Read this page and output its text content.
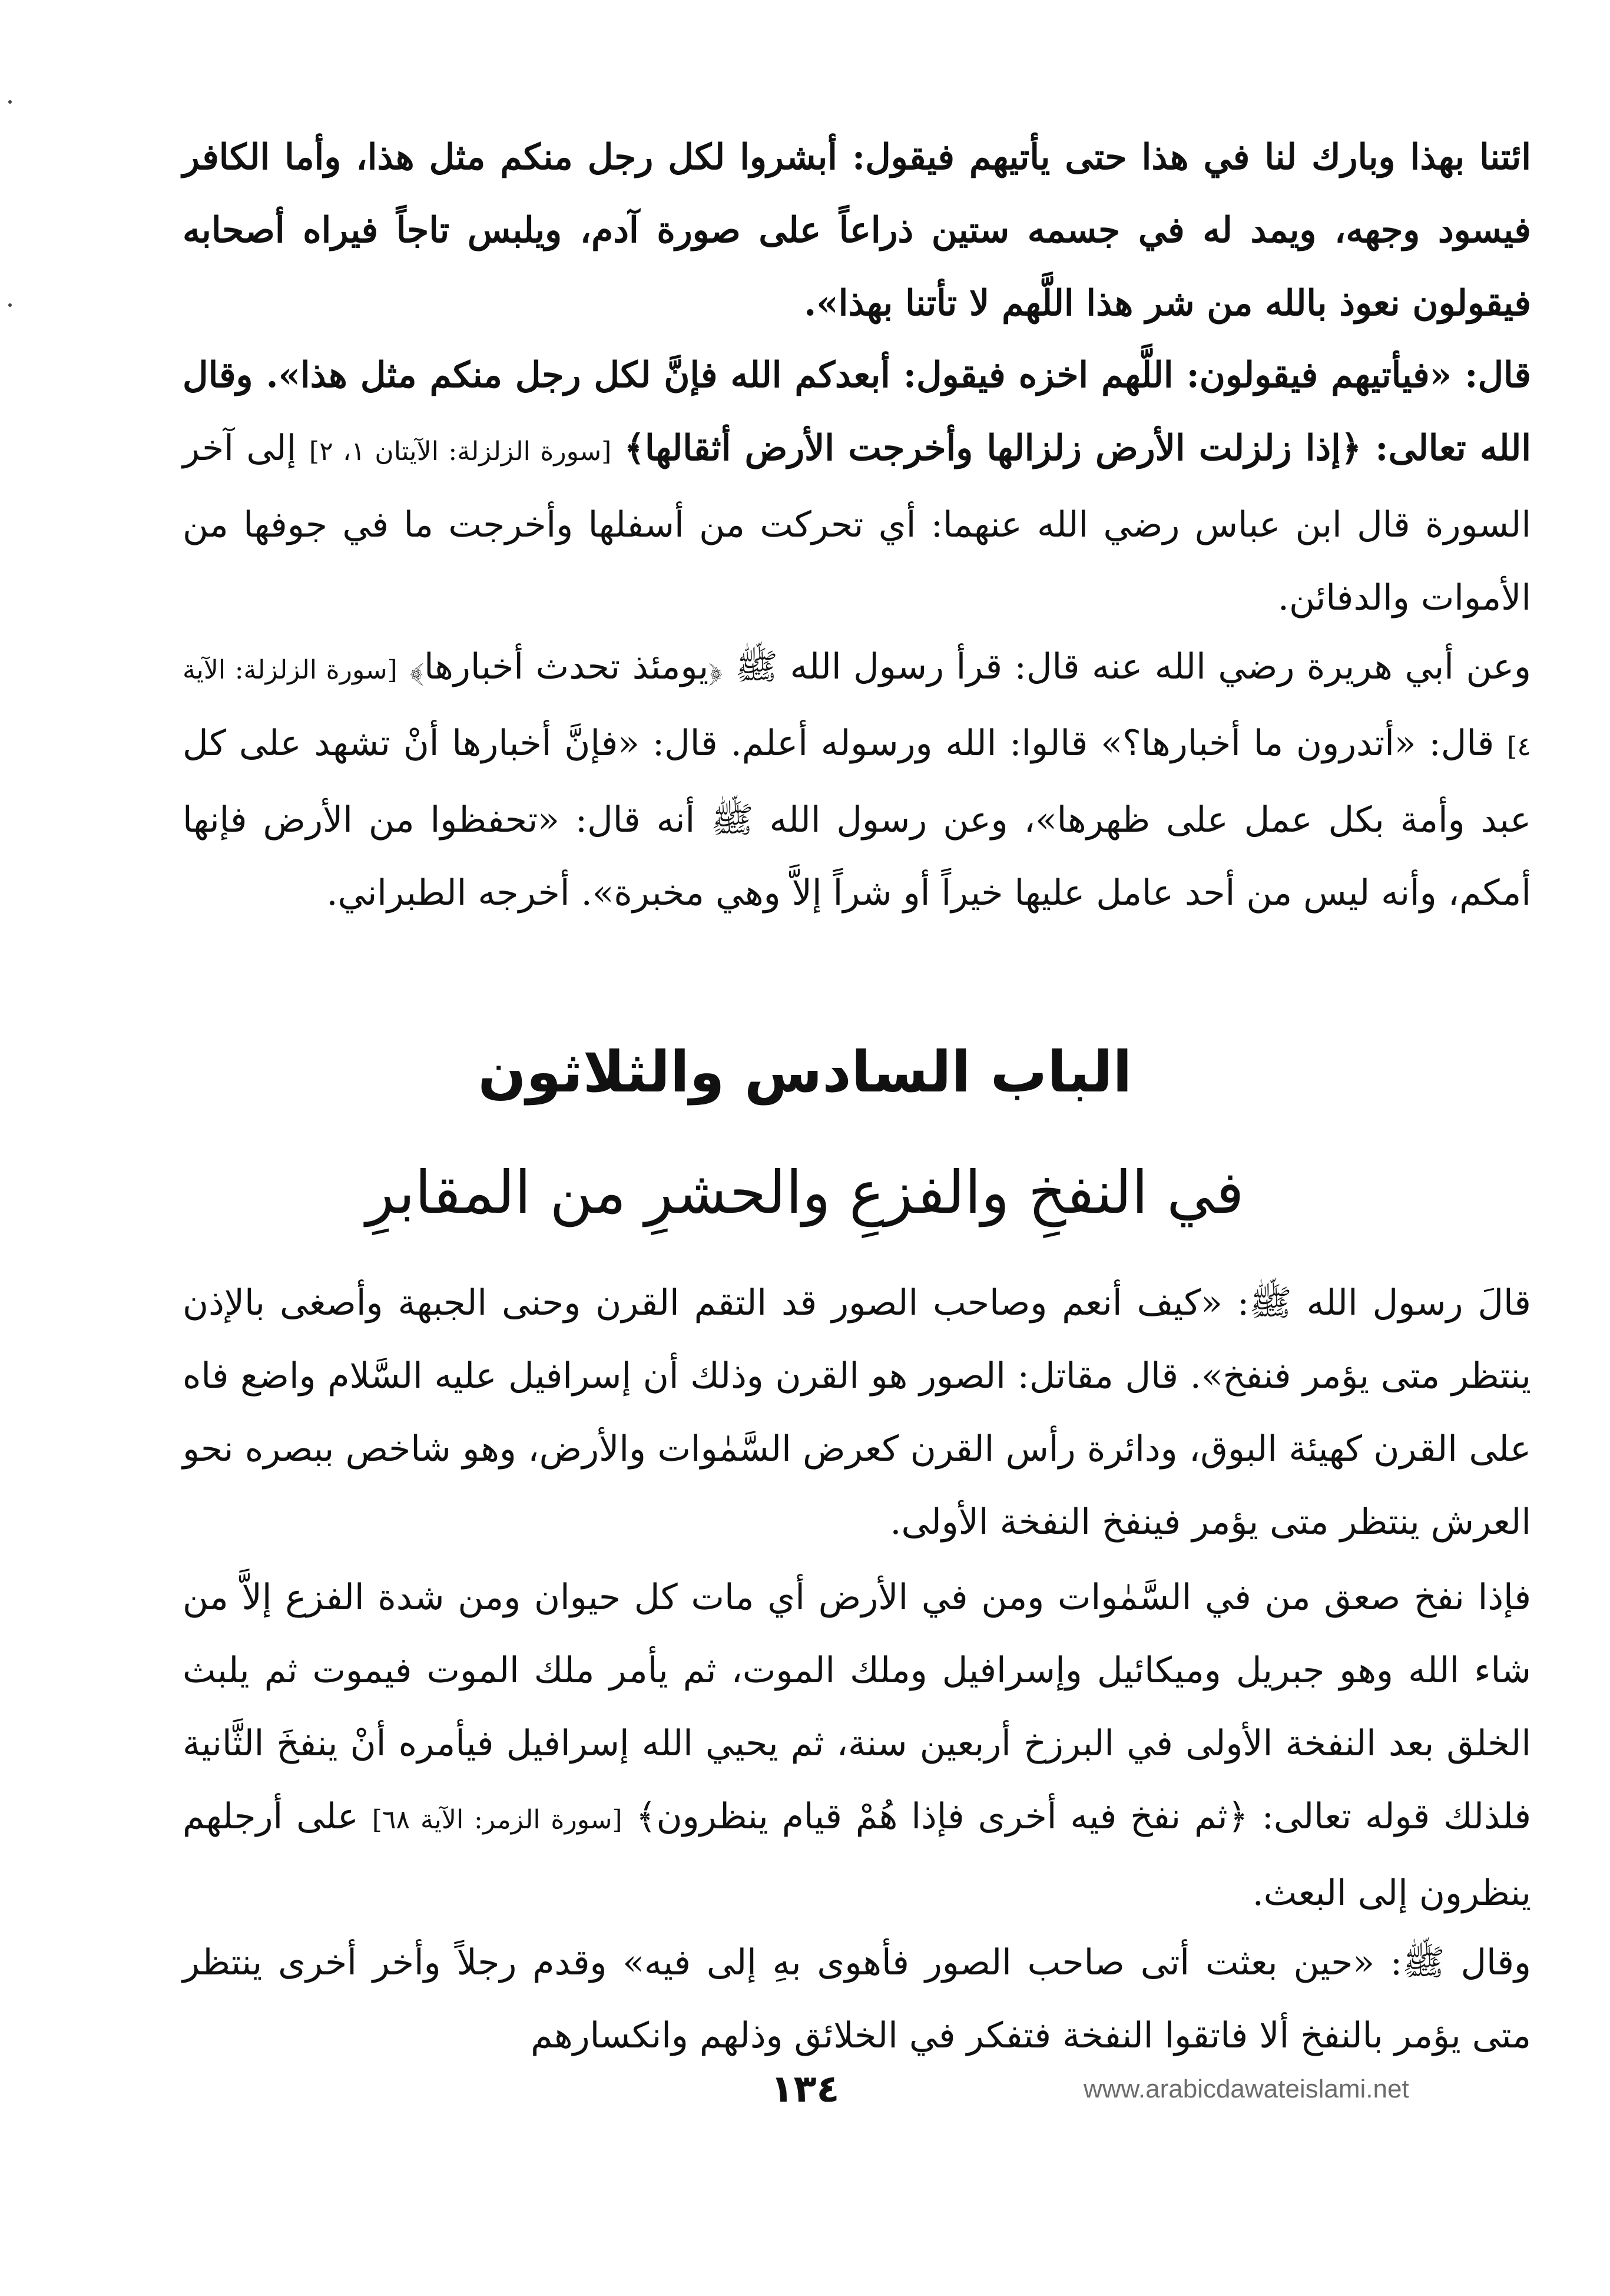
ائتنا بهذا وبارك لنا في هذا حتى يأتيهم فيقول: أبشروا لكل رجل منكم مثل هذا، وأما الكافر فيسود وجهه، ويمد له في جسمه ستين ذراعاً على صورة آدم، ويلبس تاجاً فيراه أصحابه فيقولون نعوذ بالله من شر هذا اللَّهم لا تأتنا بهذا».

قال: «فيأتيهم فيقولون: اللَّهم اخزه فيقول: أبعدكم الله فإنَّ لكل رجل منكم مثل هذا». وقال الله تعالى: ﴿إذا زلزلت الأرض زلزالها وأخرجت الأرض أثقالها﴾ [سورة الزلزلة: الآيتان ١، ٢] إلى آخر السورة قال ابن عباس رضي الله عنهما: أي تحركت من أسفلها وأخرجت ما في جوفها من الأموات والدفائن.

وعن أبي هريرة رضي الله عنه قال: قرأ رسول الله ﷺ ﴿يومئذ تحدث أخبارها﴾ [سورة الزلزلة: الآية ٤] قال: «أتدرون ما أخبارها؟» قالوا: الله ورسوله أعلم. قال: «فإنَّ أخبارها أنْ تشهد على كل عبد وأمة بكل عمل على ظهرها»، وعن رسول الله ﷺ أنه قال: «تحفظوا من الأرض فإنها أمكم، وأنه ليس من أحد عامل عليها خيراً أو شراً إلاَّ وهي مخبرة». أخرجه الطبراني.

الباب السادس والثلاثون
في النفخِ والفزعِ والحشرِ من المقابرِ

قالَ رسول الله ﷺ: «كيف أنعم وصاحب الصور قد التقم القرن وحنى الجبهة وأصغى بالإذن ينتظر متى يؤمر فنفخ». قال مقاتل: الصور هو القرن وذلك أن إسرافيل عليه السَّلام واضع فاه على القرن كهيئة البوق، ودائرة رأس القرن كعرض السَّمٰوات والأرض، وهو شاخص ببصره نحو العرش ينتظر متى يؤمر فينفخ النفخة الأولى.

فإذا نفخ صعق من في السَّمٰوات ومن في الأرض أي مات كل حيوان ومن شدة الفزع إلاَّ من شاء الله وهو جبريل وميكائيل وإسرافيل وملك الموت، ثم يأمر ملك الموت فيموت ثم يلبث الخلق بعد النفخة الأولى في البرزخ أربعين سنة، ثم يحيي الله إسرافيل فيأمره أنْ ينفخَ الثَّانية فلذلك قوله تعالى: ﴿ثم نفخ فيه أخرى فإذا هُمْ قيام ينظرون﴾ [سورة الزمر: الآية ٦٨] على أرجلهم ينظرون إلى البعث.

وقال ﷺ: «حين بعثت أتى صاحب الصور فأهوى بهِ إلى فيه» وقدم رجلاً وأخر أخرى ينتظر متى يؤمر بالنفخ ألا فاتقوا النفخة فتفكر في الخلائق وذلهم وانكسارهم

١٣٤	www.arabicdawateislami.net
